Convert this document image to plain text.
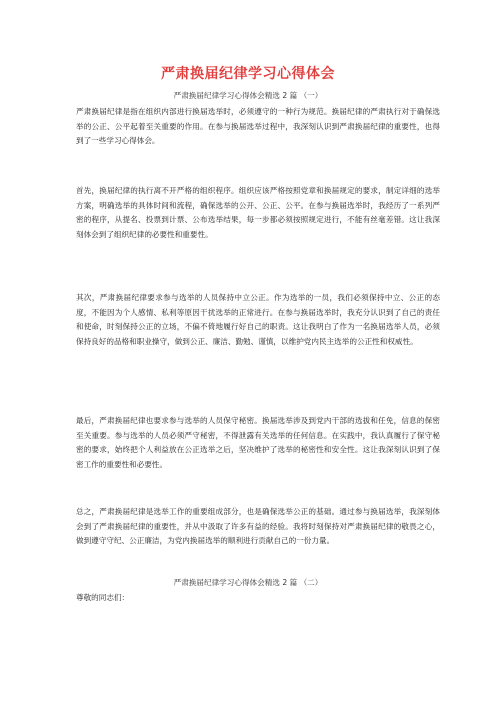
严肃换届纪律学习心得体会
严肃换届纪律学习心得体会精选 2 篇 （一）
严肃换届纪律是指在组织内部进行换届选举时，必须遵守的一种行为规范。换届纪律的严肃执行对于确保选举的公正、公平起着至关重要的作用。在参与换届选举过程中，我深刻认识到严肃换届纪律的重要性，也得到了一些学习心得体会。
首先，换届纪律的执行离不开严格的组织程序。组织应该严格按照党章和换届规定的要求，制定详细的选举方案，明确选举的具体时间和流程，确保选举的公开、公正、公平。在参与换届选举时，我经历了一系列严密的程序，从提名、投票到计票、公布选举结果，每一步都必须按照规定进行，不能有丝毫差错。这让我深刻体会到了组织纪律的必要性和重要性。
其次，严肃换届纪律要求参与选举的人员保持中立公正。作为选举的一员，我们必须保持中立、公正的态度，不能因为个人感情、私利等原因干扰选举的正常进行。在参与换届选举时，我充分认识到了自己的责任和使命，时刻保持公正的立场，不偏不倚地履行好自己的职责。这让我明白了作为一名换届选举人员，必须保持良好的品格和职业操守，做到公正、廉洁、勤勉、谨慎，以维护党内民主选举的公正性和权威性。
最后，严肃换届纪律也要求参与选举的人员保守秘密。换届选举涉及到党内干部的选拔和任免，信息的保密至关重要。参与选举的人员必须严守秘密，不得泄露有关选举的任何信息。在实践中，我认真履行了保守秘密的要求，始终把个人利益放在公正选举之后，坚决维护了选举的秘密性和安全性。这让我深刻认识到了保密工作的重要性和必要性。
总之，严肃换届纪律是选举工作的重要组成部分，也是确保选举公正的基础。通过参与换届选举，我深刻体会到了严肃换届纪律的重要性，并从中汲取了许多有益的经验。我将时刻保持对严肃换届纪律的敬畏之心，做到遵守守纪、公正廉洁，为党内换届选举的顺利进行贡献自己的一份力量。
严肃换届纪律学习心得体会精选 2 篇 （二）
尊敬的同志们：
